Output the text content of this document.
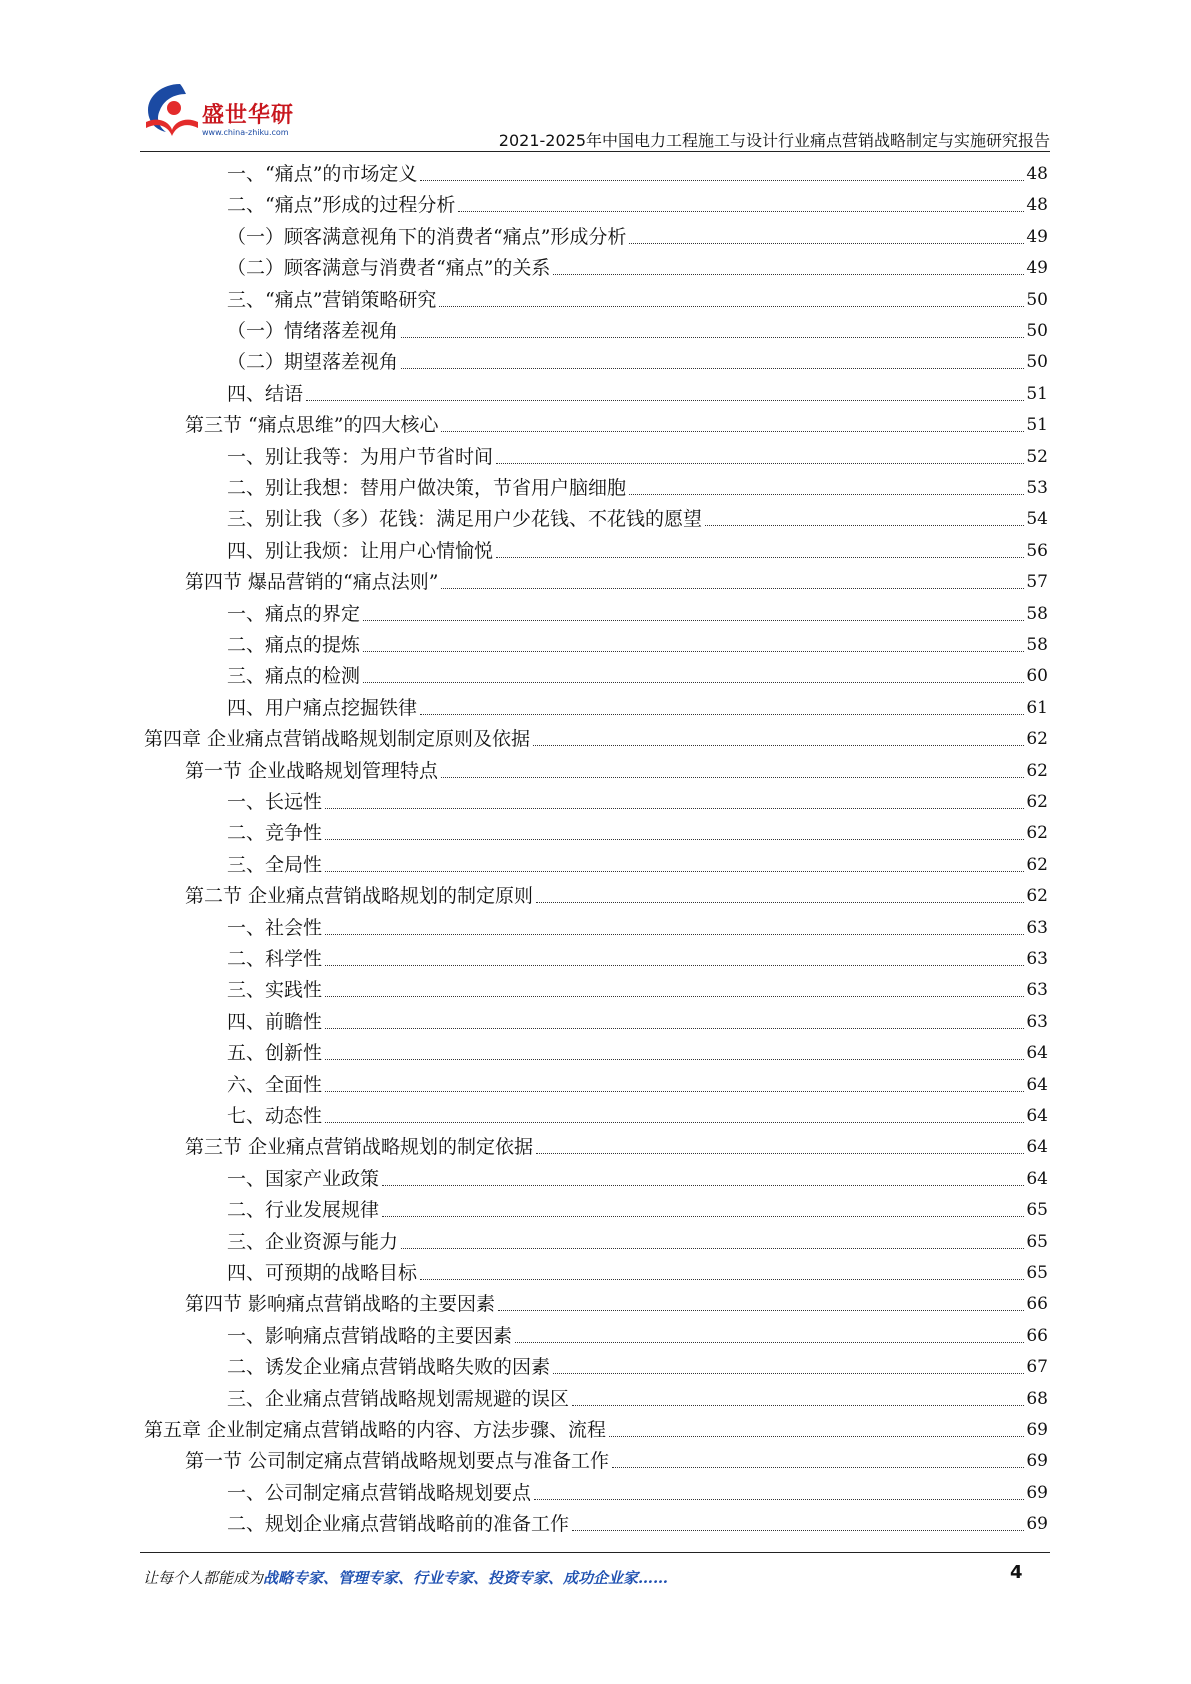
盛世华研
www.china-zhiku.com	2021-2025年中国电力工程施工与设计行业痛点营销战略制定与实施研究报告
一、“痛点”的市场定义	48
二、“痛点”形成的过程分析	48
（一）顾客满意视角下的消费者“痛点”形成分析	49
（二）顾客满意与消费者“痛点”的关系	49
三、“痛点”营销策略研究	50
（一）情绪落差视角	50
（二）期望落差视角	50
四、结语	51
第三节 “痛点思维”的四大核心	51
一、别让我等：为用户节省时间	52
二、别让我想：替用户做决策，节省用户脑细胞	53
三、别让我（多）花钱：满足用户少花钱、不花钱的愿望	54
四、别让我烦：让用户心情愉悦	56
第四节 爆品营销的“痛点法则”	57
一、痛点的界定	58
二、痛点的提炼	58
三、痛点的检测	60
四、用户痛点挖掘铁律	61
第四章 企业痛点营销战略规划制定原则及依据	62
第一节 企业战略规划管理特点	62
一、长远性	62
二、竞争性	62
三、全局性	62
第二节 企业痛点营销战略规划的制定原则	62
一、社会性	63
二、科学性	63
三、实践性	63
四、前瞻性	63
五、创新性	64
六、全面性	64
七、动态性	64
第三节 企业痛点营销战略规划的制定依据	64
一、国家产业政策	64
二、行业发展规律	65
三、企业资源与能力	65
四、可预期的战略目标	65
第四节 影响痛点营销战略的主要因素	66
一、影响痛点营销战略的主要因素	66
二、诱发企业痛点营销战略失败的因素	67
三、企业痛点营销战略规划需规避的误区	68
第五章 企业制定痛点营销战略的内容、方法步骤、流程	69
第一节 公司制定痛点营销战略规划要点与准备工作	69
一、公司制定痛点营销战略规划要点	69
二、规划企业痛点营销战略前的准备工作	69
让每个人都能成为战略专家、管理专家、行业专家、投资专家、成功企业家……	4
